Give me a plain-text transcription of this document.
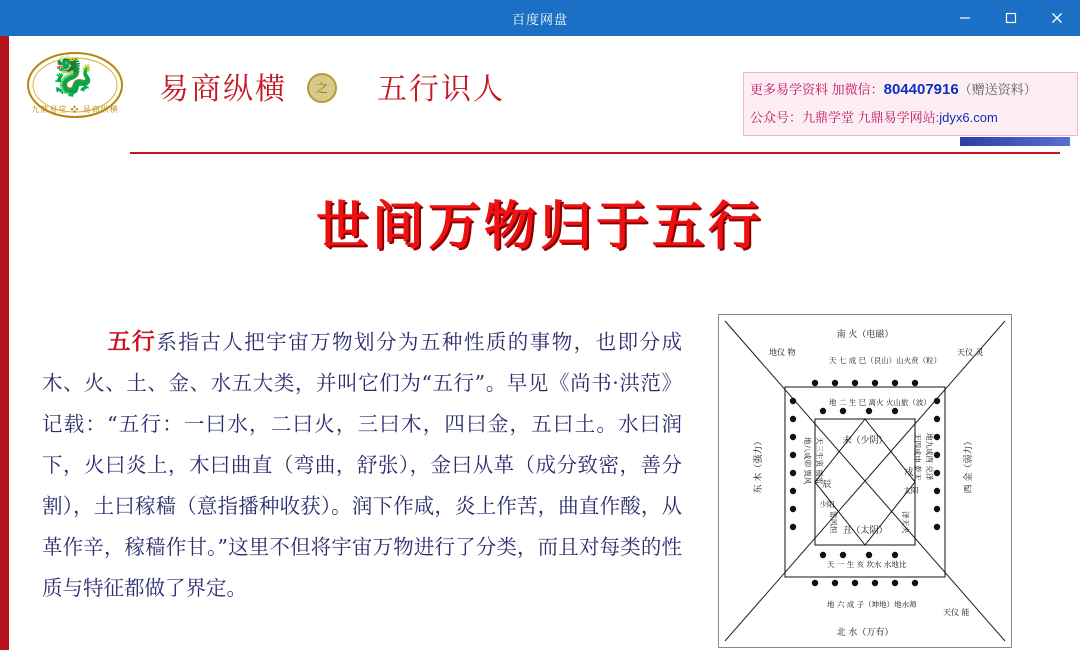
百度网盘
🐉
九鼎易堂 ❖ 易商纵横
易商纵横	之	五行识人	更多易学资料 加微信：804407916（赠送资料）
公众号：九鼎学堂 九鼎易学网站:jdyx6.com
世间万物归于五行
五行系指古人把宇宙万物划分为五种性质的事物，也即分成木、火、土、金、水五大类，并叫它们为“五行”。早见《尚书·洪范》记载：“五行：一曰水，二曰火，三曰木，四曰金，五曰土。水曰润下，火曰炎上，木曰曲直（弯曲，舒张），金曰从革（成分致密，善分割），土曰稼穑（意指播种收获）。润下作咸，炎上作苦，曲直作酸，从革作辛，稼穑作甘。”这里不但将宇宙万物进行了分类，而且对每类的性质与特征都做了界定。
南 火（电磁）
北 水（万有）
东 木（强力）	西 金（弱力）
地仪 物	天仪 灵
天仪 能
天 七 成 巳（艮山）山火贲（粒）
地 二 生 巳 离火 火山旅（波）
天 一 生 亥 坎水 水地比
地 六 成 子（坤地）地水师
地八成卯 巽风 天三生寅 震雷
雷风恒
天四成申 乾天 地九成酉 兑泽
泽天夬
未（少阴）
丑（太阴）
辰
少阳
戌
太阳
